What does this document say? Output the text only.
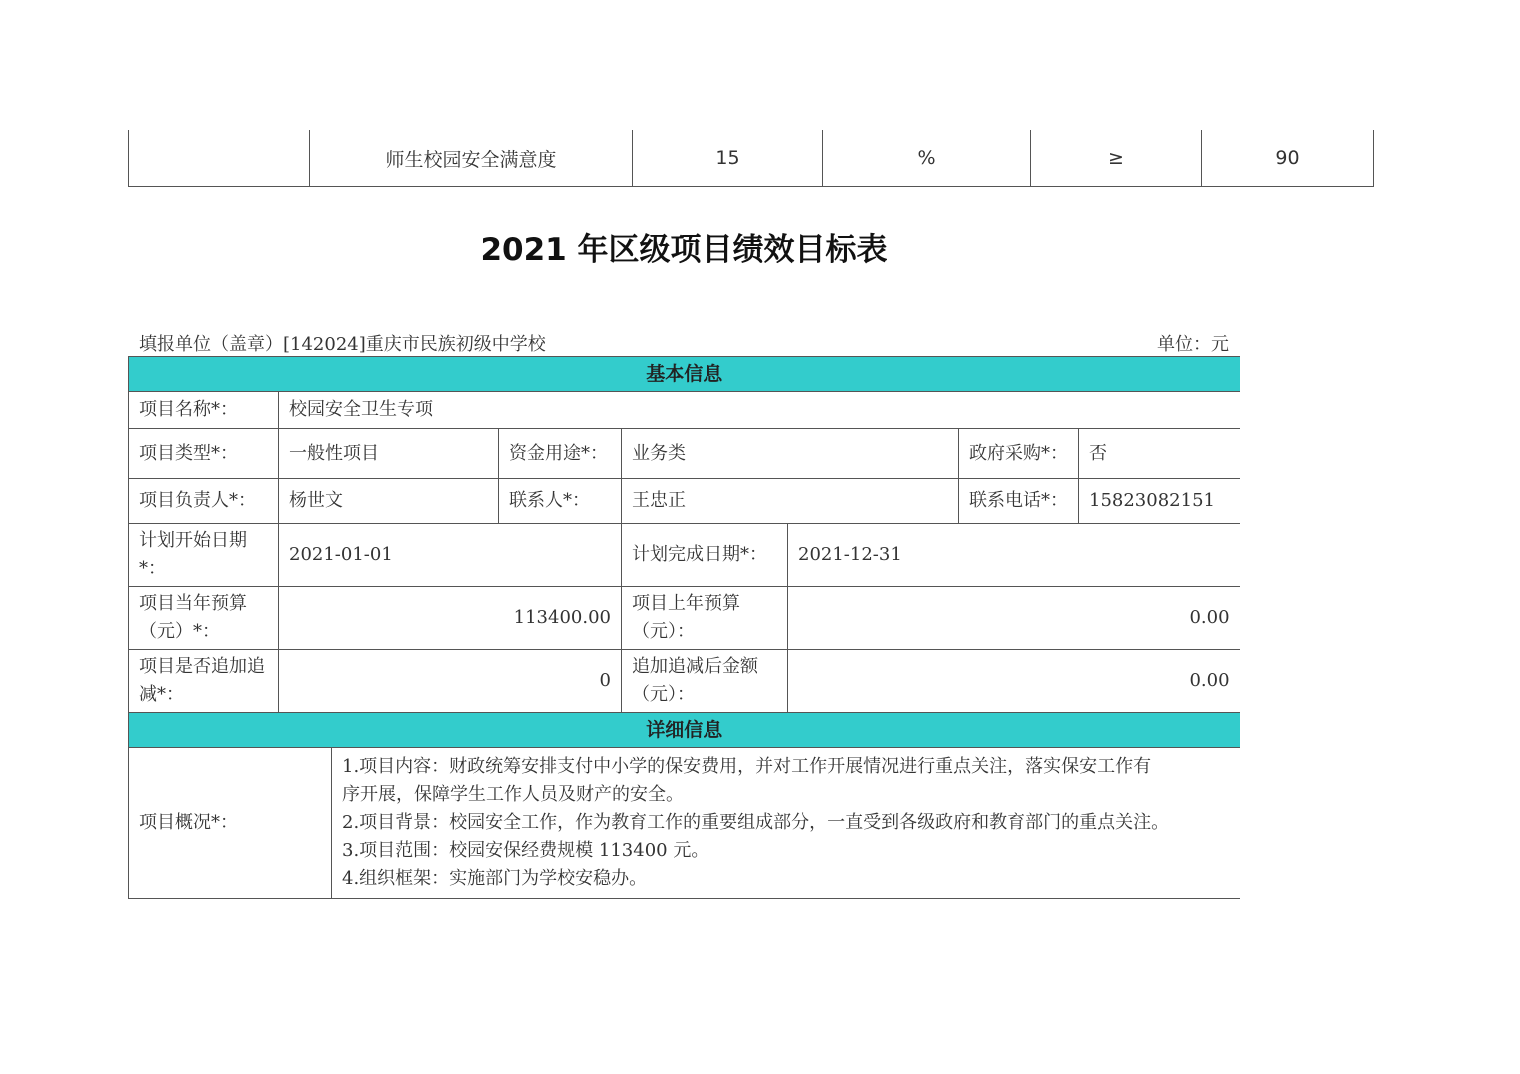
	师生校园安全满意度	15	%	≥	90
2021 年区级项目绩效目标表
填报单位（盖章）[142024]重庆市民族初级中学校	单位：元
基本信息							
项目名称*：	校园安全卫生专项						
项目类型*：	一般性项目		资金用途*：	业务类		政府采购*：	否
项目负责人*：	杨世文		联系人*：	王忠正		联系电话*：	15823082151
计划开始日期*：	2021-01-01			计划完成日期*：	2021-12-31		
项目当年预算（元）*：	113400.00			项目上年预算（元）：	0.00		
项目是否追加追减*：	0			追加追减后金额（元）：	0.00		
详细信息							
项目概况*：		1.项目内容：财政统筹安排支付中小学的保安费用，并对工作开展情况进行重点关注，落实保安工作有
序开展，保障学生工作人员及财产的安全。
2.项目背景：校园安全工作，作为教育工作的重要组成部分，一直受到各级政府和教育部门的重点关注。
3.项目范围：校园安保经费规模 113400 元。
4.组织框架：实施部门为学校安稳办。					
